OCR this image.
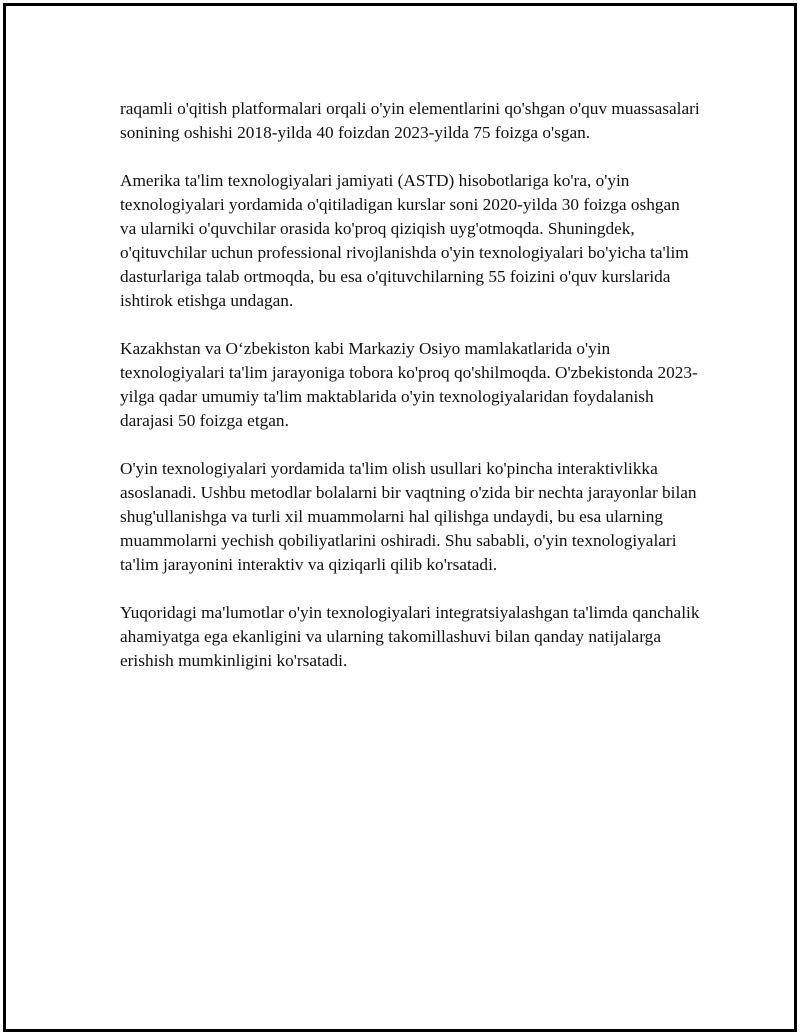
raqamli o'qitish platformalari orqali o'yin elementlarini qo'shgan o'quv muassasalari sonining oshishi 2018-yilda 40 foizdan 2023-yilda 75 foizga o'sgan.

Amerika ta'lim texnologiyalari jamiyati (ASTD) hisobotlariga ko'ra, o'yin texnologiyalari yordamida o'qitiladigan kurslar soni 2020-yilda 30 foizga oshgan va ularniki o'quvchilar orasida ko'proq qiziqish uyg'otmoqda. Shuningdek, o'qituvchilar uchun professional rivojlanishda o'yin texnologiyalari bo'yicha ta'lim dasturlariga talab ortmoqda, bu esa o'qituvchilarning 55 foizini o'quv kurslarida ishtirok etishga undagan.

Kazakhstan va O‘zbekiston kabi Markaziy Osiyo mamlakatlarida o'yin texnologiyalari ta'lim jarayoniga tobora ko'proq qo'shilmoqda. O'zbekistonda 2023-yilga qadar umumiy ta'lim maktablarida o'yin texnologiyalaridan foydalanish darajasi 50 foizga etgan.

O'yin texnologiyalari yordamida ta'lim olish usullari ko'pincha interaktivlikka asoslanadi. Ushbu metodlar bolalarni bir vaqtning o'zida bir nechta jarayonlar bilan shug'ullanishga va turli xil muammolarni hal qilishga undaydi, bu esa ularning muammolarni yechish qobiliyatlarini oshiradi. Shu sababli, o'yin texnologiyalari ta'lim jarayonini interaktiv va qiziqarli qilib ko'rsatadi.

Yuqoridagi ma'lumotlar o'yin texnologiyalari integratsiyalashgan ta'limda qanchalik ahamiyatga ega ekanligini va ularning takomillashuvi bilan qanday natijalarga erishish mumkinligini ko'rsatadi.
